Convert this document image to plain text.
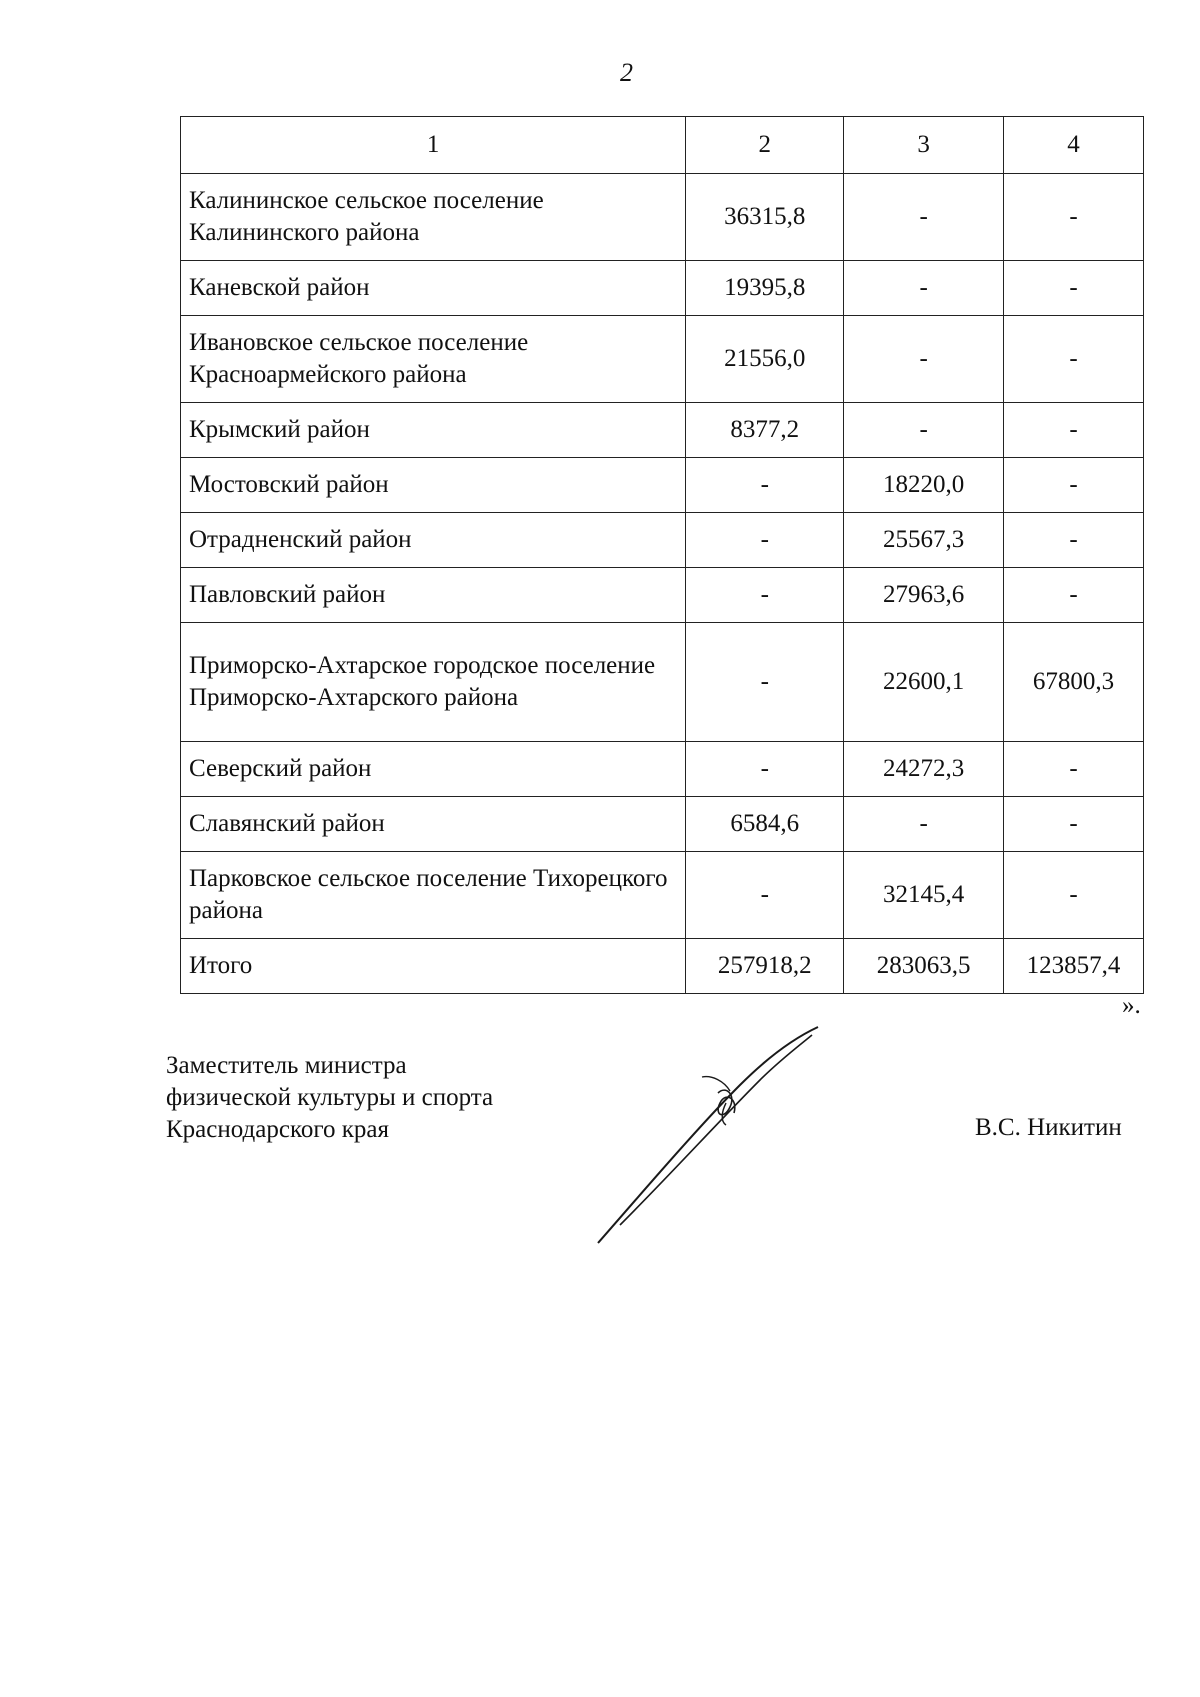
2
1	2	3	4
Калининское сельское поселение Калининского района	36315,8	-	-
Каневской район	19395,8	-	-
Ивановское сельское поселение Красноармейского района	21556,0	-	-
Крымский район	8377,2	-	-
Мостовский район	-	18220,0	-
Отрадненский район	-	25567,3	-
Павловский район	-	27963,6	-
Приморско-Ахтарское городское поселение Приморско-Ахтарского района	-	22600,1	67800,3
Северский район	-	24272,3	-
Славянский район	6584,6	-	-
Парковское сельское поселение Тихорецкого района	-	32145,4	-
Итого	257918,2	283063,5	123857,4
».
Заместитель министра
физической культуры и спорта
Краснодарского края	В.С. Никитин
